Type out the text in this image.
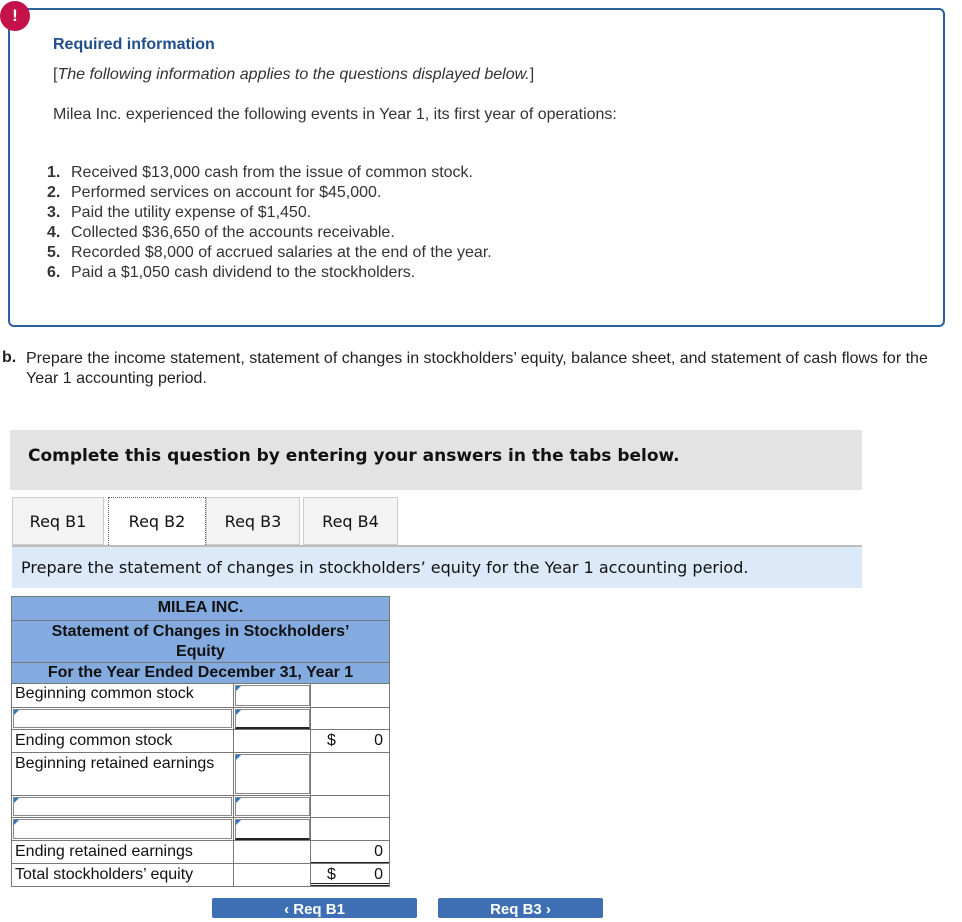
Required information
[The following information applies to the questions displayed below.]
Milea Inc. experienced the following events in Year 1, its first year of operations:
1. Received $13,000 cash from the issue of common stock.
2. Performed services on account for $45,000.
3. Paid the utility expense of $1,450.
4. Collected $36,650 of the accounts receivable.
5. Recorded $8,000 of accrued salaries at the end of the year.
6. Paid a $1,050 cash dividend to the stockholders.
!
b. Prepare the income statement, statement of changes in stockholders’ equity, balance sheet, and statement of cash flows for the Year 1 accounting period.
Complete this question by entering your answers in the tabs below.
Req B1	Req B2	Req B3	Req B4
Prepare the statement of changes in stockholders’ equity for the Year 1 accounting period.
MILEA INC.
Statement of Changes in Stockholders’
Equity
For the Year Ended December 31, Year 1
Beginning common stock
Ending common stock	$ 0
Beginning retained earnings
Ending retained earnings	0
Total stockholders’ equity	$ 0
‹ Req B1	Req B3 ›
